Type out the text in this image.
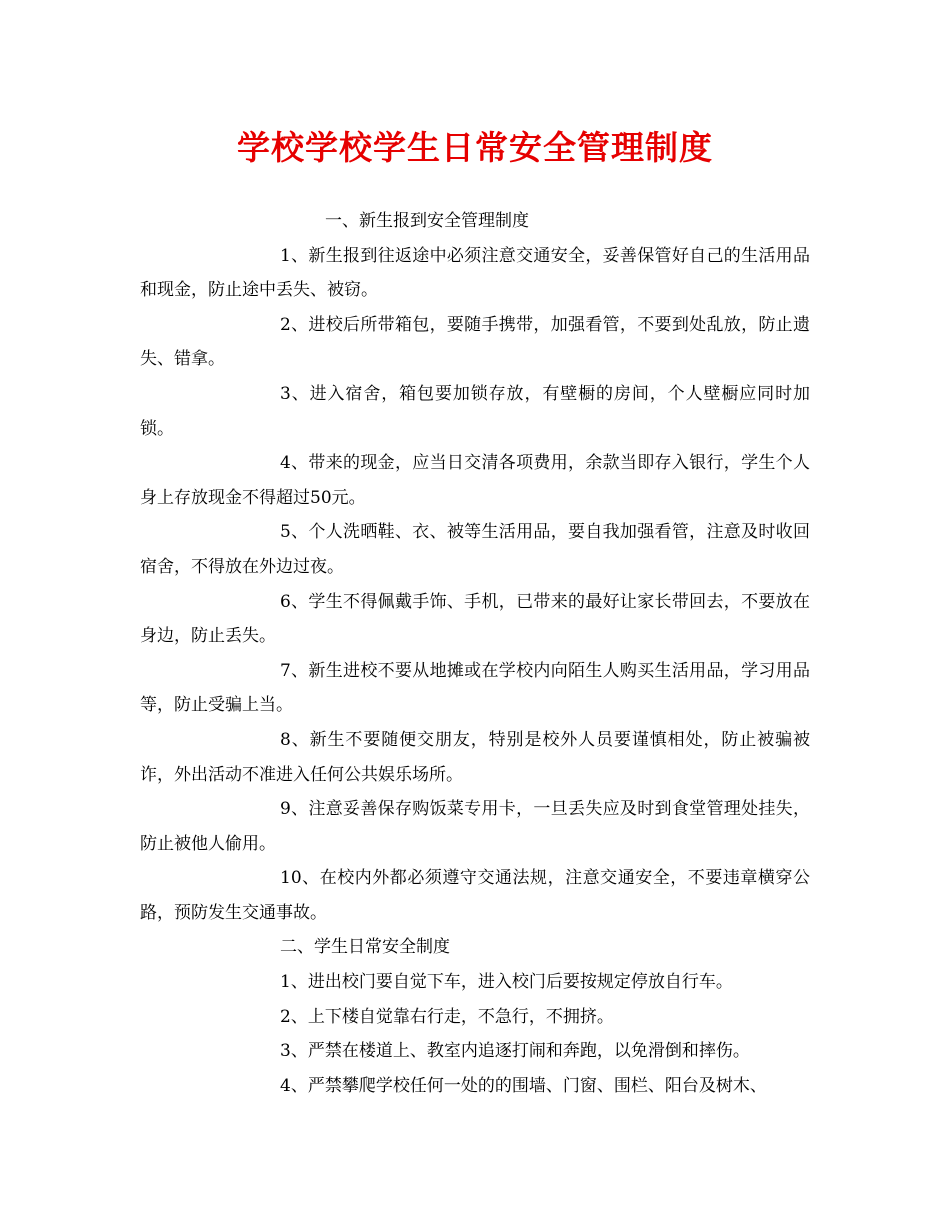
学校学校学生日常安全管理制度

一、新生报到安全管理制度

1、新生报到往返途中必须注意交通安全，妥善保管好自己的生活用品和现金，防止途中丢失、被窃。

2、进校后所带箱包，要随手携带，加强看管，不要到处乱放，防止遗失、错拿。

3、进入宿舍，箱包要加锁存放，有壁橱的房间，个人壁橱应同时加锁。

4、带来的现金，应当日交清各项费用，余款当即存入银行，学生个人身上存放现金不得超过50元。

5、个人洗晒鞋、衣、被等生活用品，要自我加强看管，注意及时收回宿舍，不得放在外边过夜。

6、学生不得佩戴手饰、手机，已带来的最好让家长带回去，不要放在身边，防止丢失。

7、新生进校不要从地摊或在学校内向陌生人购买生活用品，学习用品等，防止受骗上当。

8、新生不要随便交朋友，特别是校外人员要谨慎相处，防止被骗被诈，外出活动不准进入任何公共娱乐场所。

9、注意妥善保存购饭菜专用卡，一旦丢失应及时到食堂管理处挂失，防止被他人偷用。

10、在校内外都必须遵守交通法规，注意交通安全，不要违章横穿公路，预防发生交通事故。

二、学生日常安全制度

1、进出校门要自觉下车，进入校门后要按规定停放自行车。

2、上下楼自觉靠右行走，不急行，不拥挤。

3、严禁在楼道上、教室内追逐打闹和奔跑，以免滑倒和摔伤。

4、严禁攀爬学校任何一处的的围墙、门窗、围栏、阳台及树木、
